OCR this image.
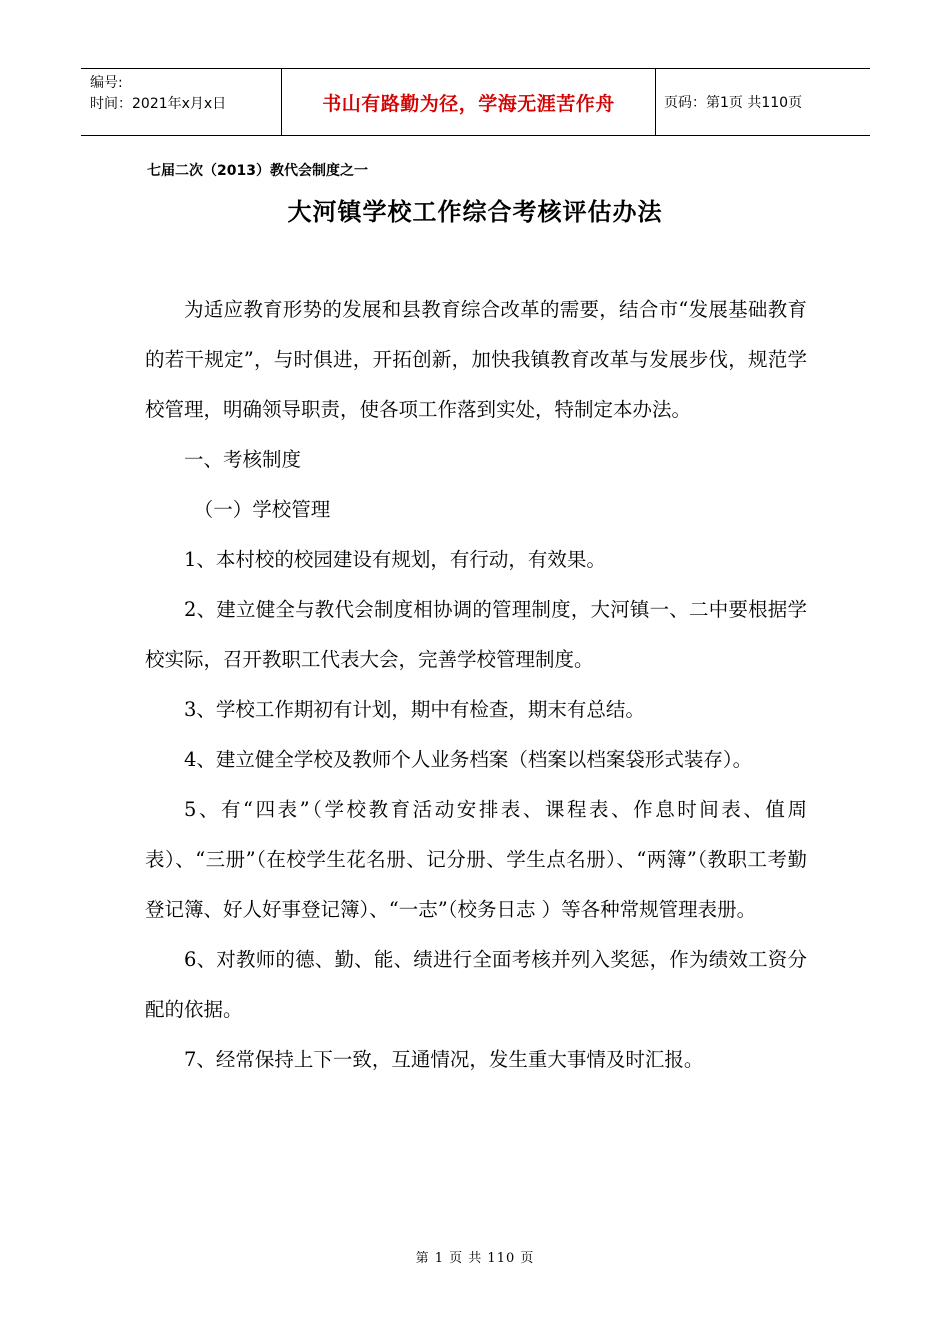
编号:
时间：2021年x月x日	书山有路勤为径，学海无涯苦作舟	页码：第1页 共110页
七届二次（2013）教代会制度之一
大河镇学校工作综合考核评估办法

为适应教育形势的发展和县教育综合改革的需要，结合市“发展基础教育的若干规定”，与时俱进，开拓创新，加快我镇教育改革与发展步伐，规范学校管理，明确领导职责，使各项工作落到实处，特制定本办法。

一、考核制度

（一）学校管理

1、本村校的校园建设有规划，有行动，有效果。

2、建立健全与教代会制度相协调的管理制度，大河镇一、二中要根据学校实际，召开教职工代表大会，完善学校管理制度。

3、学校工作期初有计划，期中有检查，期末有总结。

4、建立健全学校及教师个人业务档案（档案以档案袋形式装存）。

5、有“四表”（学校教育活动安排表、课程表、作息时间表、值周表）、“三册”（在校学生花名册、记分册、学生点名册）、“两簿”（教职工考勤登记簿、好人好事登记簿）、“一志”（校务日志 ）等各种常规管理表册。

6、对教师的德、勤、能、绩进行全面考核并列入奖惩，作为绩效工资分配的依据。

7、经常保持上下一致，互通情况，发生重大事情及时汇报。

第 1 页 共 110 页
